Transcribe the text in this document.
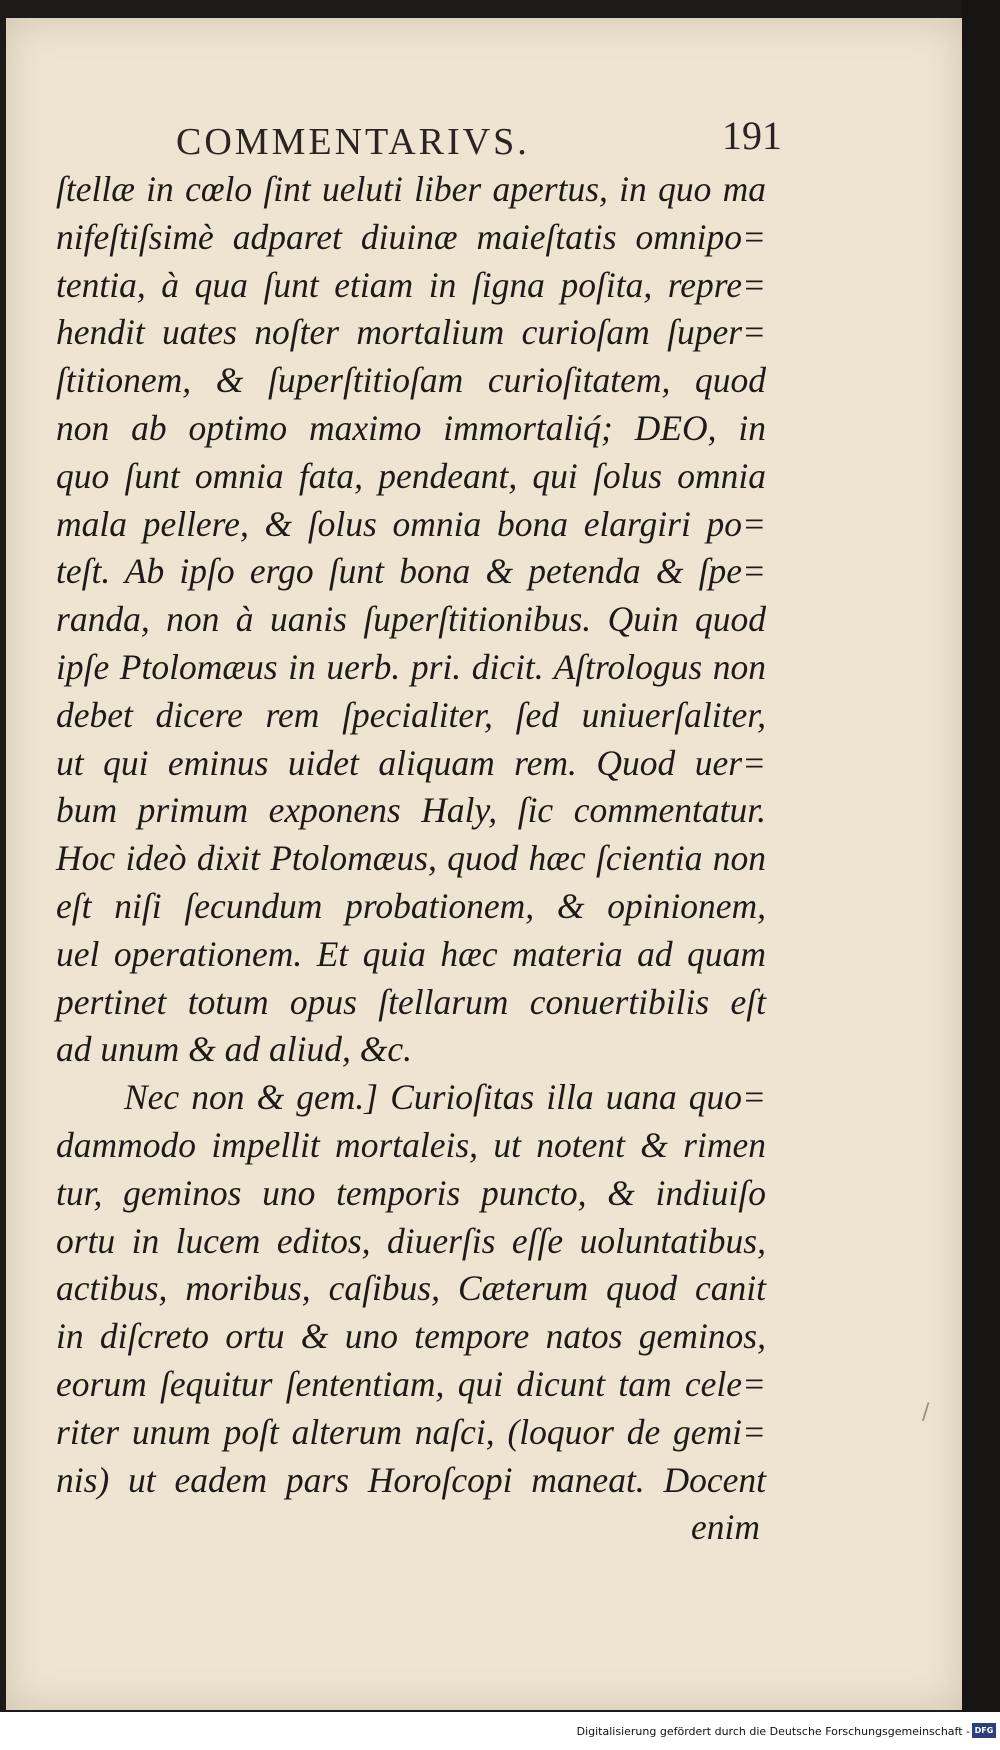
COMMENTARIVS.	191
ſtellæ in cœlo ſint ueluti liber apertus, in quo ma
nifeſtiſsimè adparet diuinæ maieſtatis omnipo=
tentia, à qua ſunt etiam in ſigna poſita, repre=
hendit uates noſter mortalium curioſam ſuper=
ſtitionem, & ſuperſtitioſam curioſitatem, quod
non ab optimo maximo immortaliq́; DEO, in
quo ſunt omnia fata, pendeant, qui ſolus omnia
mala pellere, & ſolus omnia bona elargiri po=
teſt. Ab ipſo ergo ſunt bona & petenda & ſpe=
randa, non à uanis ſuperſtitionibus. Quin quod
ipſe Ptolomæus in uerb. pri. dicit. Aſtrologus non
debet dicere rem ſpecialiter, ſed uniuerſaliter,
ut qui eminus uidet aliquam rem. Quod uer=
bum primum exponens Haly, ſic commentatur.
Hoc ideò dixit Ptolomæus, quod hæc ſcientia non
eſt niſi ſecundum probationem, & opinionem,
uel operationem. Et quia hæc materia ad quam
pertinet totum opus ſtellarum conuertibilis eſt
ad unum & ad aliud, &c.
Nec non & gem.] Curioſitas illa uana quo=
dammodo impellit mortaleis, ut notent & rimen
tur, geminos uno temporis puncto, & indiuiſo
ortu in lucem editos, diuerſis eſſe uoluntatibus,
actibus, moribus, caſibus, Cæterum quod canit
in diſcreto ortu & uno tempore natos geminos,
eorum ſequitur ſententiam, qui dicunt tam cele=
riter unum poſt alterum naſci, (loquor de gemi=
nis) ut eadem pars Horoſcopi maneat. Docent
enim
/
Digitalisierung gefördert durch die Deutsche Forschungsgemeinschaft - DFG
